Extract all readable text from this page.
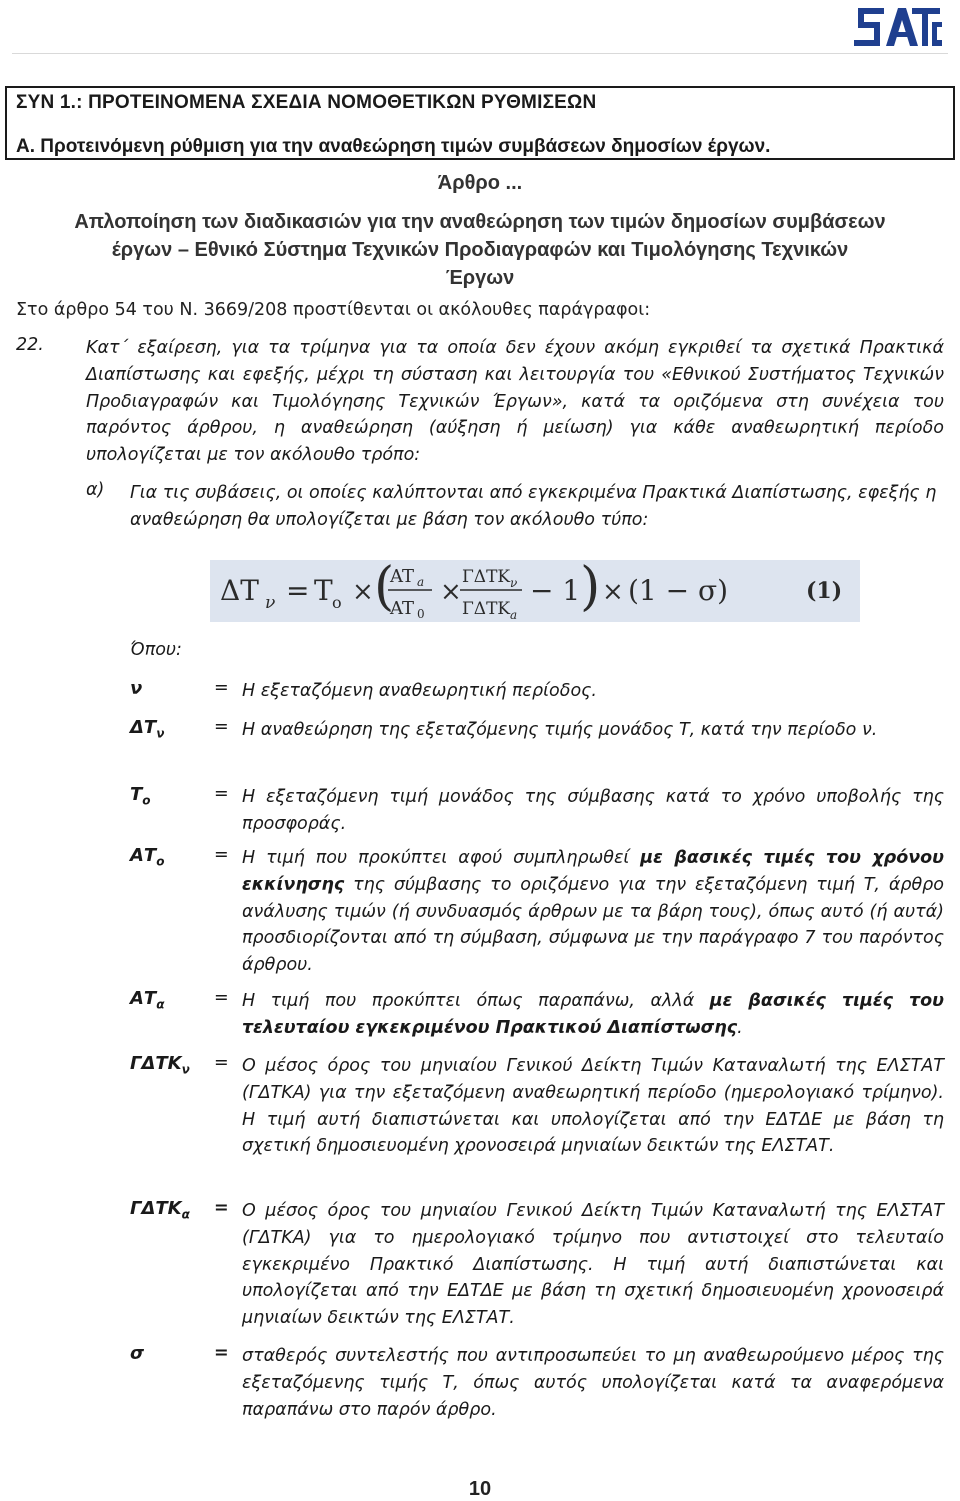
ΣΥΝ 1.: ΠΡΟΤΕΙΝΟΜΕΝΑ ΣΧΕΔΙΑ ΝΟΜΟΘΕΤΙΚΩΝ ΡΥΘΜΙΣΕΩΝ
Α. Προτεινόμενη ρύθμιση για την αναθεώρηση τιμών συμβάσεων δημοσίων έργων.
Άρθρο ...
Απλοποίηση των διαδικασιών για την αναθεώρηση των τιμών δημοσίων συμβάσεων
έργων – Εθνικό Σύστημα Τεχνικών Προδιαγραφών και Τιμολόγησης Τεχνικών
Έργων
Στο άρθρο 54 του Ν. 3669/208 προστίθενται οι ακόλουθες παράγραφοι:
22. Κατ΄ εξαίρεση, για τα τρίμηνα για τα οποία δεν έχουν ακόμη εγκριθεί τα σχετικά Πρακτικά Διαπίστωσης και εφεξής, μέχρι τη σύσταση και λειτουργία του «Εθνικού Συστήματος Τεχνικών Προδιαγραφών και Τιμολόγησης Τεχνικών Έργων», κατά τα οριζόμενα στη συνέχεια του παρόντος άρθρου, η αναθεώρηση (αύξηση ή μείωση) για κάθε αναθεωρητική περίοδο υπολογίζεται με τον ακόλουθο τρόπο:
α) Για τις συβάσεις, οι οποίες καλύπτονται από εγκεκριμένα Πρακτικά Διαπίστωσης, εφεξής η αναθεώρηση θα υπολογίζεται με βάση τον ακόλουθο τύπο:
ΔT ν = T o × (
AT a
AT 0
× ΓΔΤΚ ν
ΓΔΤΚ a
− 1 ) × (1 − σ)	(1)
Όπου:
ν	= Η εξεταζόμενη αναθεωρητική περίοδος.
$\Delta T_\nu$	= Η αναθεώρηση της εξεταζόμενης τιμής μονάδος Τ, κατά την περίοδο ν.
$T_o$	= Η εξεταζόμενη τιμή μονάδος της σύμβασης κατά το χρόνο υποβολής της προσφοράς.
$AT_o$	= Η τιμή που προκύπτει αφού συμπληρωθεί με βασικές τιμές του χρόνου εκκίνησης της σύμβασης το οριζόμενο για την εξεταζόμενη τιμή Τ, άρθρο ανάλυσης τιμών (ή συνδυασμός άρθρων με τα βάρη τους), όπως αυτό (ή αυτά) προσδιορίζονται από τη σύμβαση, σύμφωνα με την παράγραφο 7 του παρόντος άρθρου.
$AT_\alpha$	= Η τιμή που προκύπτει όπως παραπάνω, αλλά με βασικές τιμές του τελευταίου εγκεκριμένου Πρακτικού Διαπίστωσης.
$\Gamma\Delta TK_\nu = O$ μέσος όρος του μηνιαίου Γενικού Δείκτη Τιμών Καταναλωτή της ΕΛΣΤΑΤ (ΓΔΤΚΑ) για την εξεταζόμενη αναθεωρητική περίοδο (ημερολογιακό τρίμηνο). Η τιμή αυτή διαπιστώνεται και υπολογίζεται από την ΕΔΤΔΕ με βάση τη σχετική δημοσιευομένη χρονοσειρά μηνιαίων δεικτών της ΕΛΣΤΑΤ.
$\Gamma\Delta TK_\alpha = O$ μέσος όρος του μηνιαίου Γενικού Δείκτη Τιμών Καταναλωτή της ΕΛΣΤΑΤ (ΓΔΤΚΑ) για το ημερολογιακό τρίμηνο που αντιστοιχεί στο τελευταίο εγκεκριμένο Πρακτικό Διαπίστωσης. Η τιμή αυτή διαπιστώνεται και υπολογίζεται από την ΕΔΤΔΕ με βάση τη σχετική δημοσιευομένη χρονοσειρά μηνιαίων δεικτών της ΕΛΣΤΑΤ.
σ	= σταθερός συντελεστής που αντιπροσωπεύει το μη αναθεωρούμενο μέρος της εξεταζόμενης τιμής Τ, όπως αυτός υπολογίζεται κατά τα αναφερόμενα παραπάνω στο παρόν άρθρο.
10
